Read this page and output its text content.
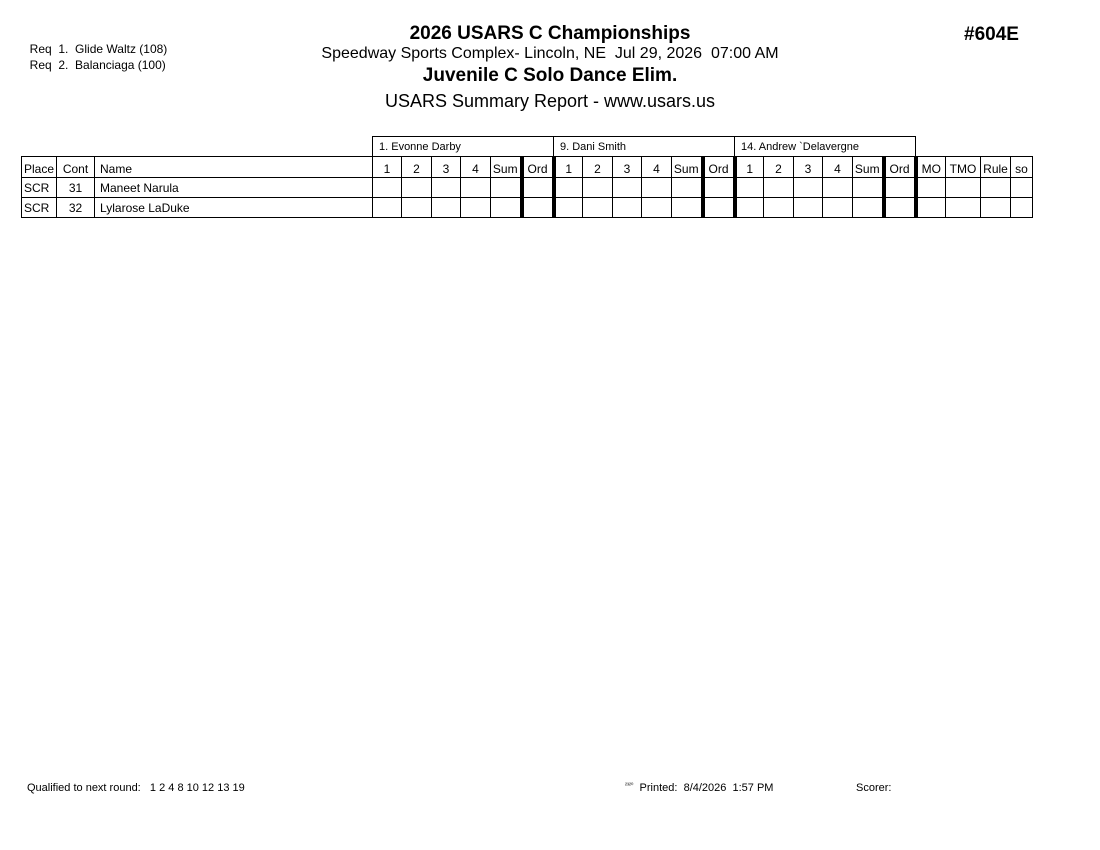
Req  1. Glide Waltz (108)

Req  2. Balanciaga (100)

2026 USARS C Championships
Speedway Sports Complex- Lincoln, NE  Jul 29, 2026  07:00 AM
Juvenile C Solo Dance Elim.
USARS Summary Report - www.usars.us
#604E
			1. Evonne Darby						9. Dani Smith						14. Andrew `Delavergne									
Place	Cont	Name	1	2	3	4	Sum	Ord	1	2	3	4	Sum	Ord	1	2	3	4	Sum	Ord	MO	TMO	Rule	so
SCR	31	Maneet Narula																						
SCR	32	Lylarose LaDuke																						
Qualified to next round: 1 2 4 8 10 12 13 19	$^{^{2320}}$ Printed: 8/4/2026  1:57 PM	Scorer:
